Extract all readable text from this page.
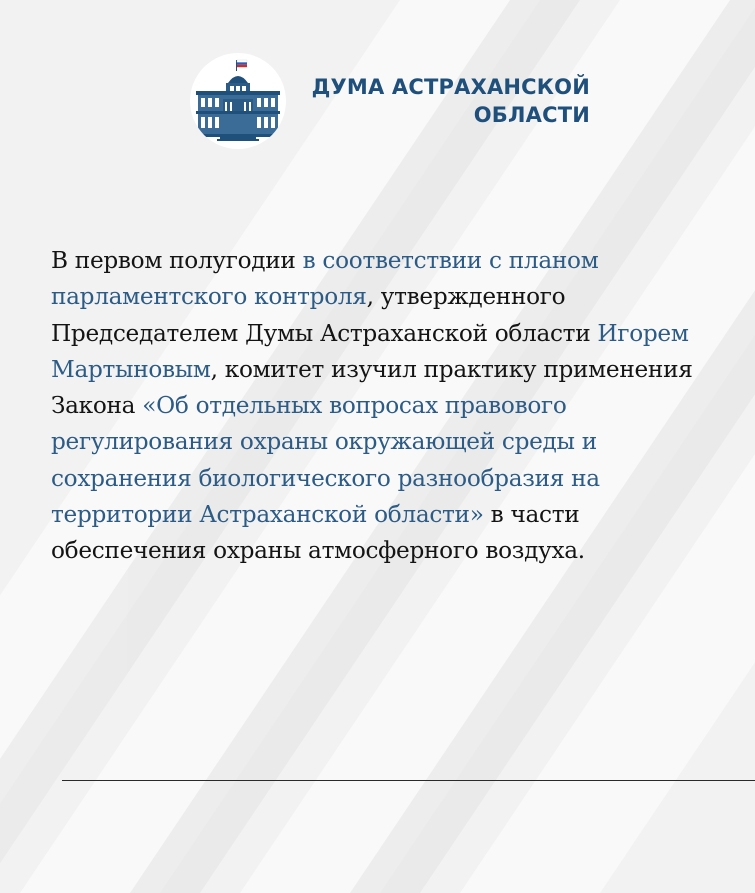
ДУМА АСТРАХАНСКОЙ
ОБЛАСТИ
В первом полугодии в соответствии с планом парламентского контроля, утвержденного Председателем Думы Астраханской области Игорем Мартыновым, комитет изучил практику применения Закона «Об отдельных вопросах правового регулирования охраны окружающей среды и сохранения биологического разнообразия на территории Астраханской области» в части обеспечения охраны атмосферного воздуха.
